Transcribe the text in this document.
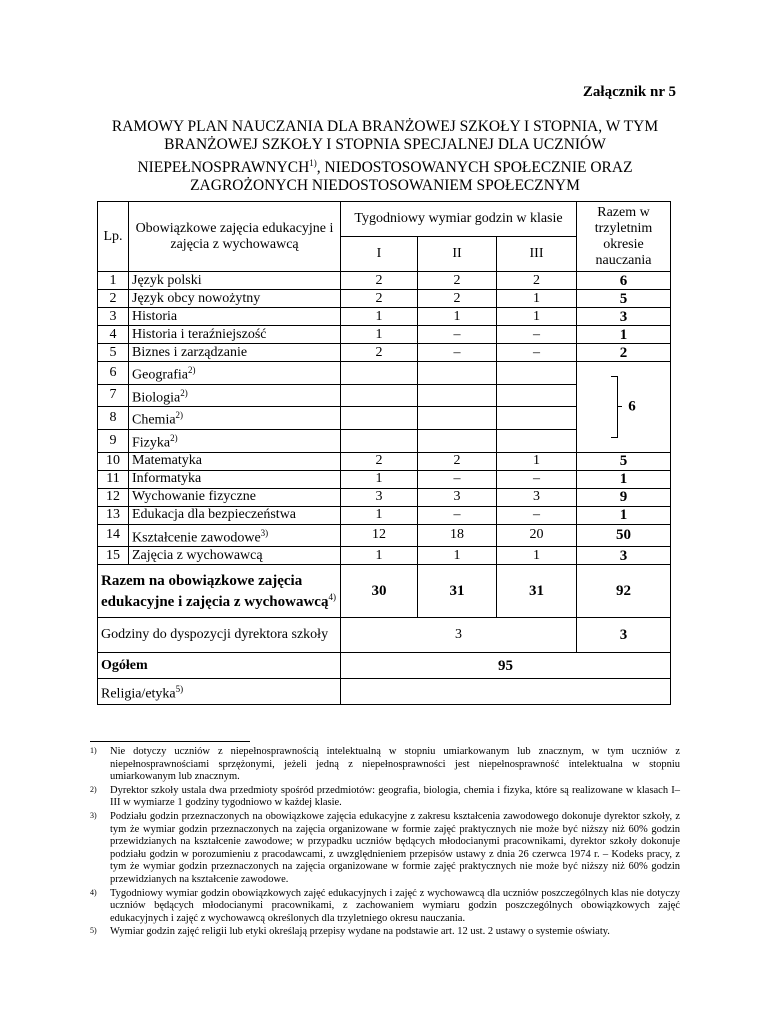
Załącznik nr 5
RAMOWY PLAN NAUCZANIA DLA BRANŻOWEJ SZKOŁY I STOPNIA, W TYM BRANŻOWEJ SZKOŁY I STOPNIA SPECJALNEJ DLA UCZNIÓW NIEPEŁNOSPRAWNYCH$^{1)}$, NIEDOSTOSOWANYCH SPOŁECZNIE ORAZ ZAGROŻONYCH NIEDOSTOSOWANIEM SPOŁECZNYM
Lp.	Obowiązkowe zajęcia edukacyjne i zajęcia z wychowawcą	Tygodniowy wymiar godzin w klasie			Razem w trzyletnim okresie nauczania
		I	II	III	
1	Język polski	2	2	2	6
2	Język obcy nowożytny	2	2	1	5
3	Historia	1	1	1	3
4	Historia i teraźniejszość	1	–	–	1
5	Biznes i zarządzanie	2	–	–	2
6	Geografia$^{2)}$				6
7	Biologia$^{2)}$			
8	Chemia$^{2)}$			
9	Fizyka$^{2)}$			
10	Matematyka	2	2	1	5
11	Informatyka	1	–	–	1
12	Wychowanie fizyczne	3	3	3	9
13	Edukacja dla bezpieczeństwa	1	–	–	1
14	Kształcenie zawodowe$^{3)}$	12	18	20	50
15	Zajęcia z wychowawcą	1	1	1	3
Razem na obowiązkowe zajęcia edukacyjne i zajęcia z wychowawcą$^{4)}$		30	31	31	92
Godziny do dyspozycji dyrektora szkoły		3			3
Ogółem		95			
Religia/etyka$^{5)}$	
1)	Nie dotyczy uczniów z niepełnosprawnością intelektualną w stopniu umiarkowanym lub znacznym, w tym uczniów z niepełnosprawnościami sprzężonymi, jeżeli jedną z niepełnosprawności jest niepełnosprawność intelektualna w stopniu umiarkowanym lub znacznym.
2)	Dyrektor szkoły ustala dwa przedmioty spośród przedmiotów: geografia, biologia, chemia i fizyka, które są realizowane w klasach I–III w wymiarze 1 godziny tygodniowo w każdej klasie.
3)	Podziału godzin przeznaczonych na obowiązkowe zajęcia edukacyjne z zakresu kształcenia zawodowego dokonuje dyrektor szkoły, z tym że wymiar godzin przeznaczonych na zajęcia organizowane w formie zajęć praktycznych nie może być niższy niż 60% godzin przewidzianych na kształcenie zawodowe; w przypadku uczniów będących młodocianymi pracownikami, dyrektor szkoły dokonuje podziału godzin w porozumieniu z pracodawcami, z uwzględnieniem przepisów ustawy z dnia 26 czerwca 1974 r. – Kodeks pracy, z tym że wymiar godzin przeznaczonych na zajęcia organizowane w formie zajęć praktycznych nie może być niższy niż 60% godzin przewidzianych na kształcenie zawodowe.
4)	Tygodniowy wymiar godzin obowiązkowych zajęć edukacyjnych i zajęć z wychowawcą dla uczniów poszczególnych klas nie dotyczy uczniów będących młodocianymi pracownikami, z zachowaniem wymiaru godzin poszczególnych obowiązkowych zajęć edukacyjnych i zajęć z wychowawcą określonych dla trzyletniego okresu nauczania.
5)	Wymiar godzin zajęć religii lub etyki określają przepisy wydane na podstawie art. 12 ust. 2 ustawy o systemie oświaty.
